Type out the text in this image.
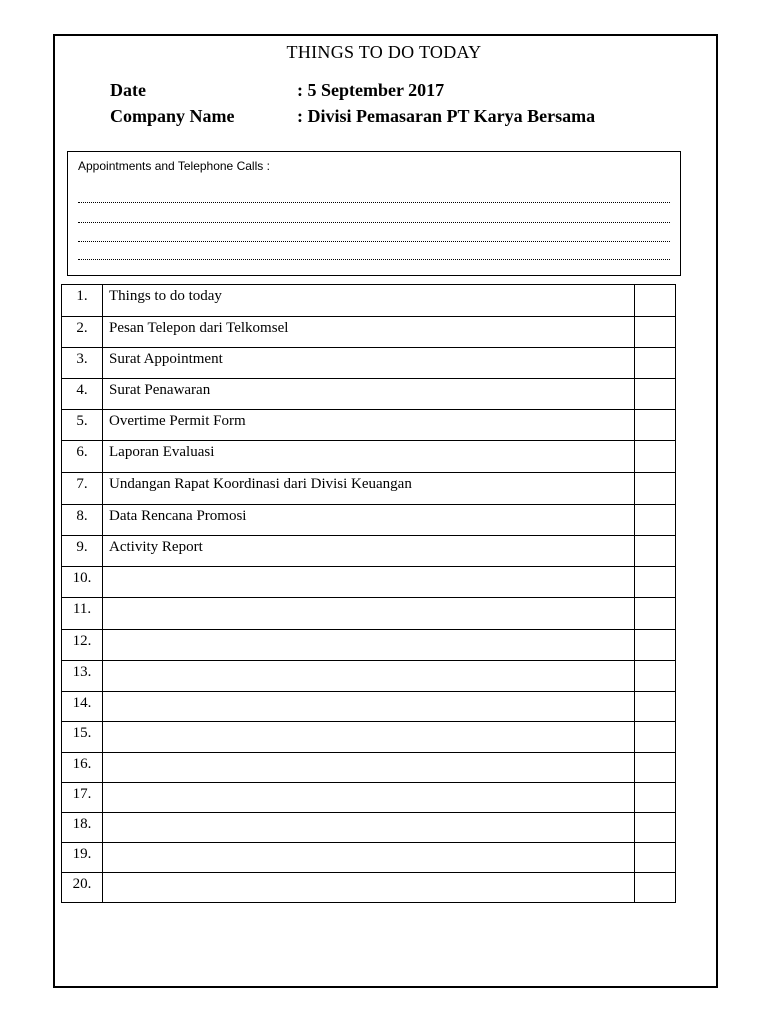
THINGS TO DO TODAY
Date	: 5 September 2017
Company Name	: Divisi Pemasaran PT Karya Bersama
Appointments and Telephone Calls :
1.	Things to do today	
2.	Pesan Telepon dari Telkomsel	
3.	Surat Appointment	
4.	Surat Penawaran	
5.	Overtime Permit Form	
6.	Laporan Evaluasi	
7.	Undangan Rapat Koordinasi dari Divisi Keuangan	
8.	Data Rencana Promosi	
9.	Activity Report	
10.		
11.		
12.		
13.		
14.		
15.		
16.		
17.		
18.		
19.		
20.		
